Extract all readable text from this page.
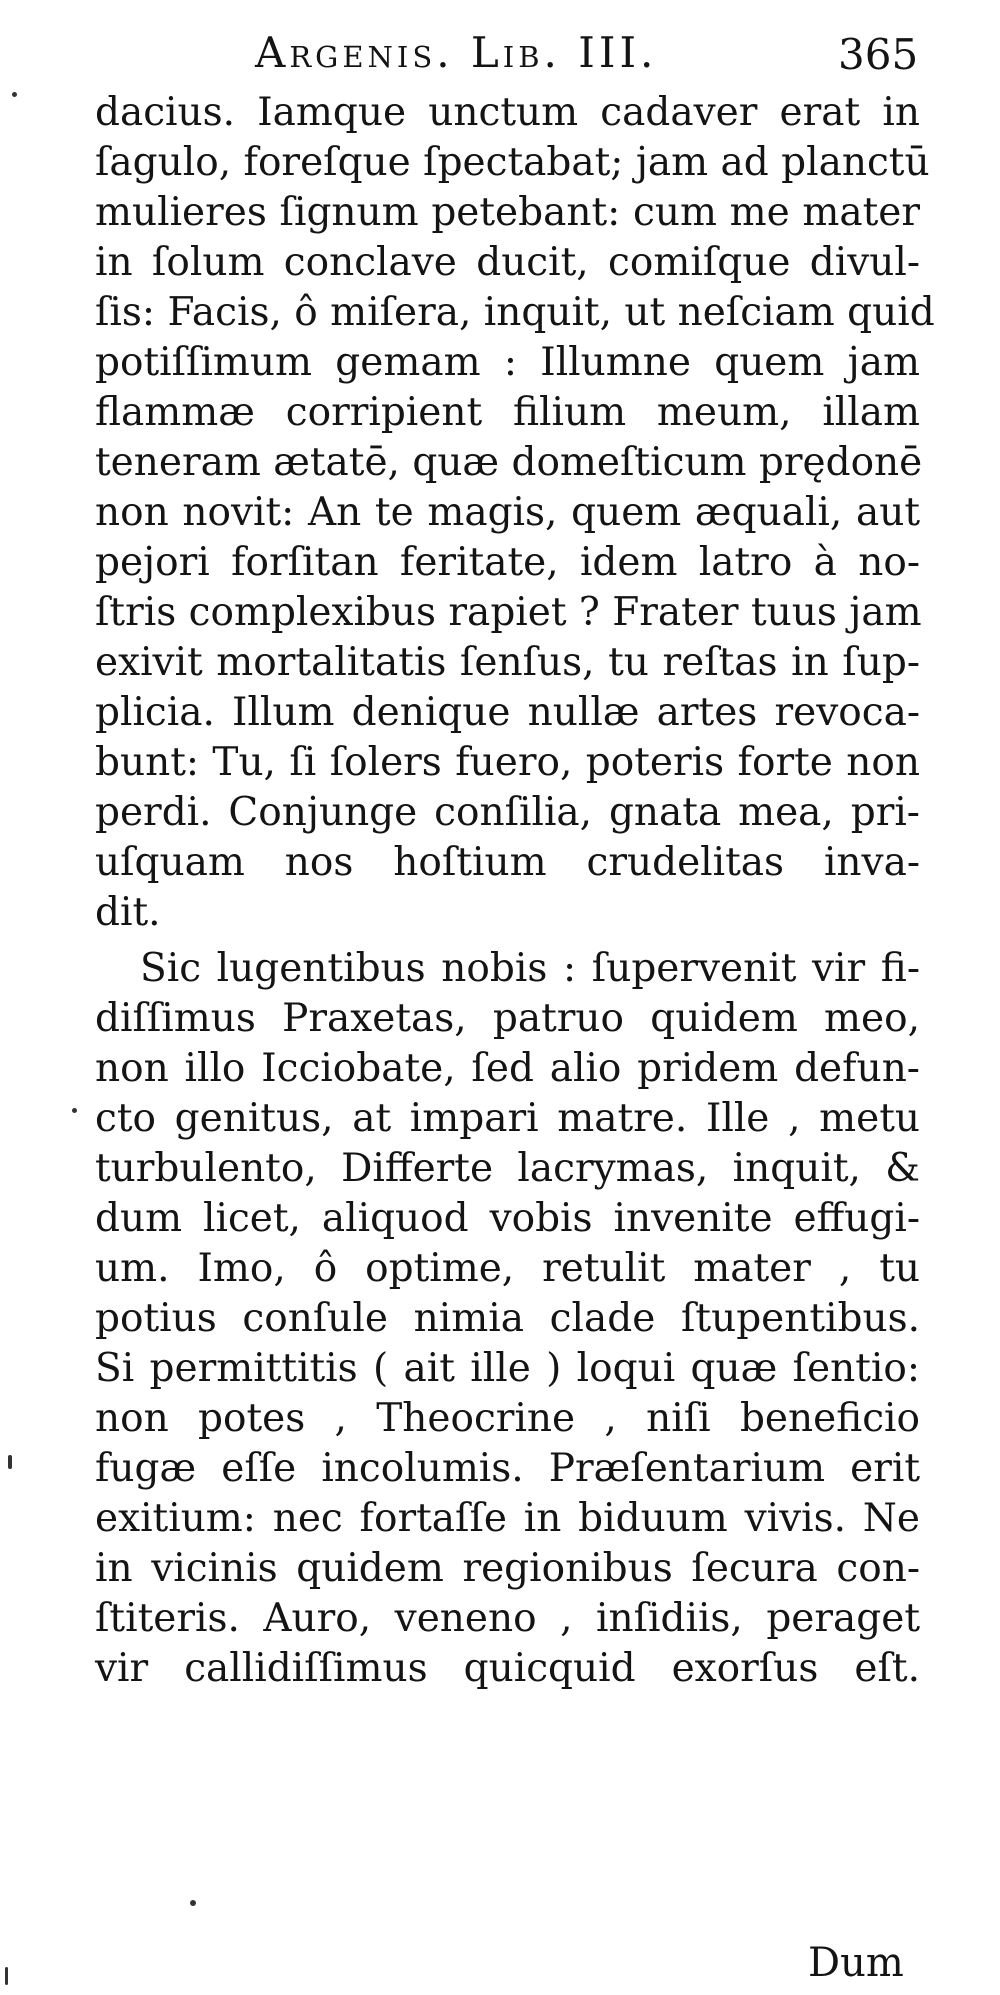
Argenis. Lib. III.	365
dacius. Iamque unctum cadaver erat in
ſagulo, foreſque ſpectabat; jam ad planctū
mulieres ſignum petebant: cum me mater
in ſolum conclave ducit, comiſque divul-
ſis: Facis, ô miſera, inquit, ut neſciam quid
potiſſimum gemam : Illumne quem jam
flammæ corripient filium meum, illam
teneram ætatē, quæ domeſticum prędonē
non novit: An te magis, quem æquali, aut
pejori forſitan feritate, idem latro à no-
ſtris complexibus rapiet ? Frater tuus jam
exivit mortalitatis ſenſus, tu reſtas in ſup-
plicia. Illum denique nullæ artes revoca-
bunt: Tu, ſi ſolers fuero, poteris forte non
perdi. Conjunge conſilia, gnata mea, pri-
uſquam nos hoſtium crudelitas inva-
dit.
Sic lugentibus nobis : ſupervenit vir fi-
diſſimus Praxetas, patruo quidem meo,
non illo Icciobate, ſed alio pridem defun-
cto genitus, at impari matre. Ille , metu
turbulento, Differte lacrymas, inquit, &
dum licet, aliquod vobis invenite effugi-
um. Imo, ô optime, retulit mater , tu
potius conſule nimia clade ſtupentibus.
Si permittitis ( ait ille ) loqui quæ ſentio:
non potes , Theocrine , niſi beneficio
fugæ eſſe incolumis. Præſentarium erit
exitium: nec fortaſſe in biduum vivis. Ne
in vicinis quidem regionibus ſecura con-
ſtiteris. Auro, veneno , inſidiis, peraget
vir callidiſſimus quicquid exorſus eſt.
Dum
